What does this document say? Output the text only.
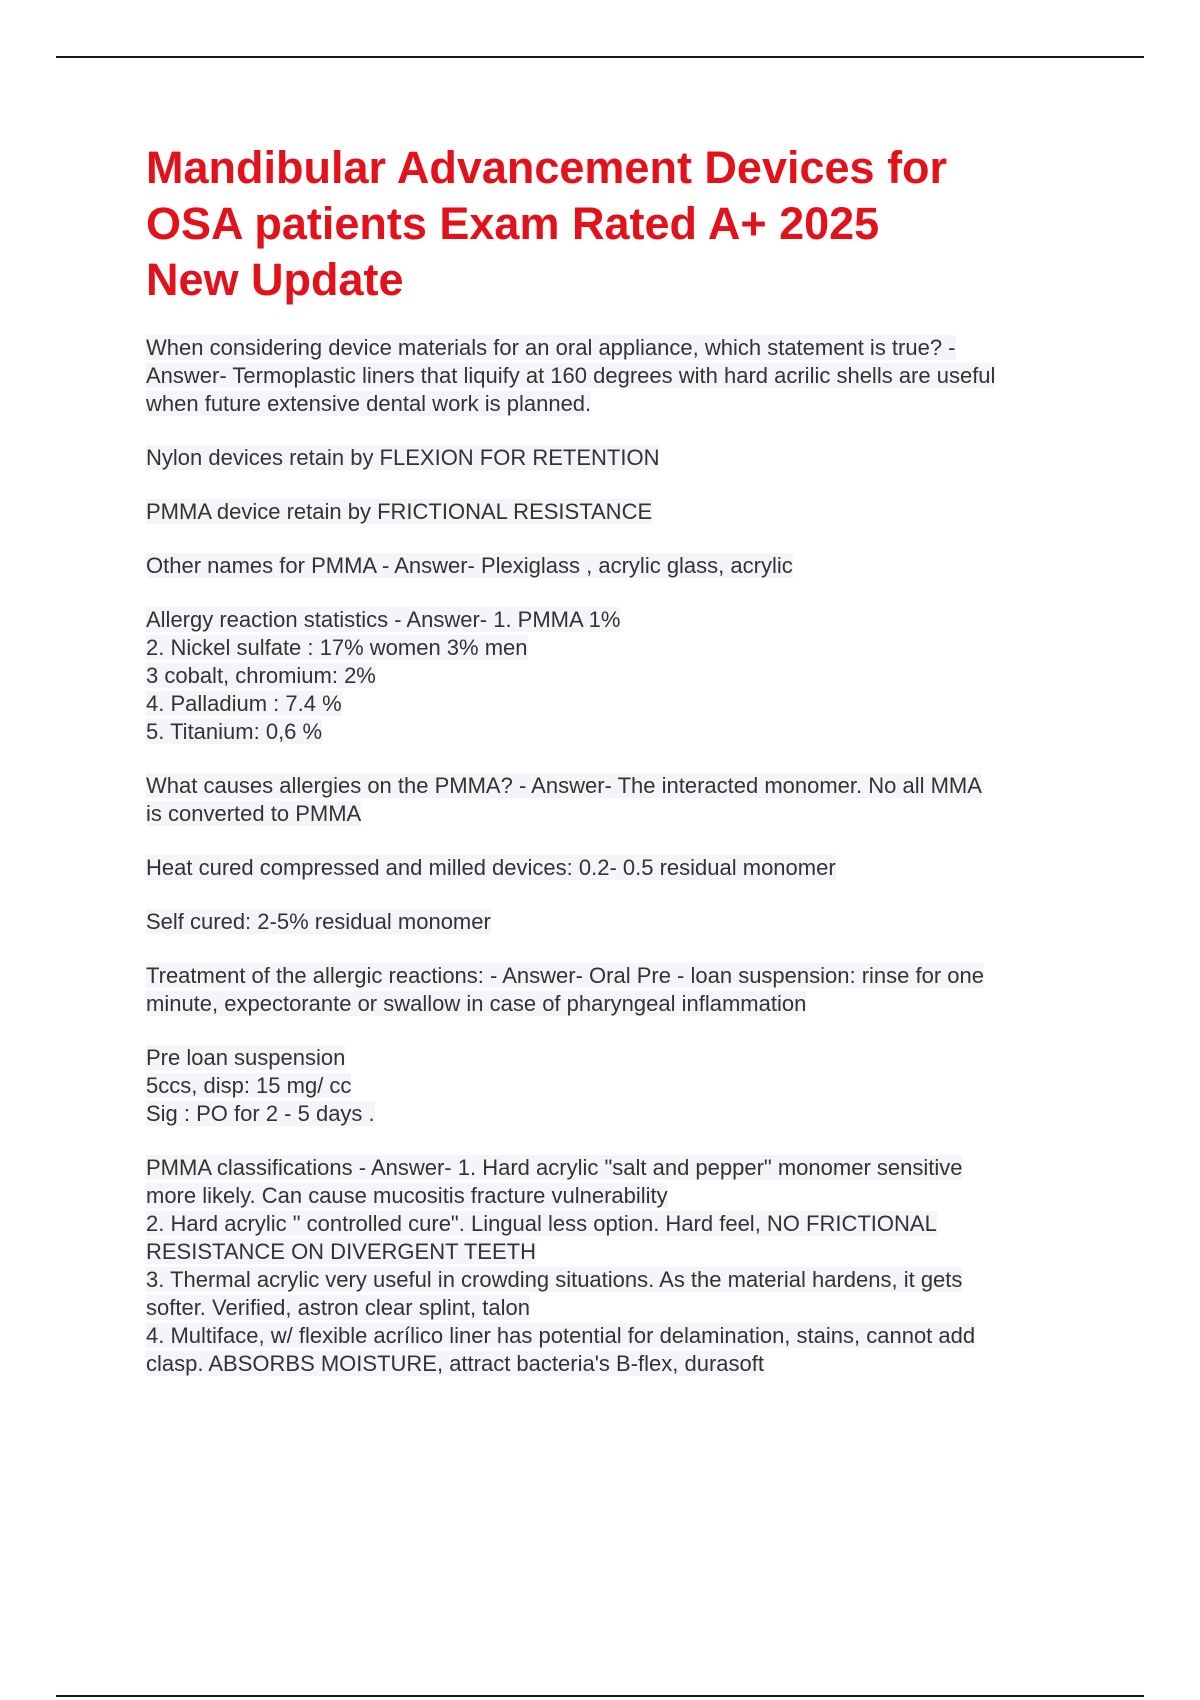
Mandibular Advancement Devices for
OSA patients Exam Rated A+ 2025
New Update
When considering device materials for an oral appliance, which statement is true? -
Answer- Termoplastic liners that liquify at 160 degrees with hard acrilic shells are useful
when future extensive dental work is planned.
Nylon devices retain by FLEXION FOR RETENTION
PMMA device retain by FRICTIONAL RESISTANCE
Other names for PMMA - Answer- Plexiglass , acrylic glass, acrylic
Allergy reaction statistics - Answer- 1. PMMA 1%
2. Nickel sulfate : 17% women 3% men
3 cobalt, chromium: 2%
4. Palladium : 7.4 %
5. Titanium: 0,6 %
What causes allergies on the PMMA? - Answer- The interacted monomer. No all MMA
is converted to PMMA
Heat cured compressed and milled devices: 0.2- 0.5 residual monomer
Self cured: 2-5% residual monomer
Treatment of the allergic reactions: - Answer- Oral Pre - loan suspension: rinse for one
minute, expectorante or swallow in case of pharyngeal inflammation
Pre loan suspension
5ccs, disp: 15 mg/ cc
Sig : PO for 2 - 5 days .
PMMA classifications - Answer- 1. Hard acrylic "salt and pepper" monomer sensitive
more likely. Can cause mucositis fracture vulnerability
2. Hard acrylic " controlled cure". Lingual less option. Hard feel, NO FRICTIONAL
RESISTANCE ON DIVERGENT TEETH
3. Thermal acrylic very useful in crowding situations. As the material hardens, it gets
softer. Verified, astron clear splint, talon
4. Multiface, w/ flexible acrílico liner has potential for delamination, stains, cannot add
clasp. ABSORBS MOISTURE, attract bacteria's B-flex, durasoft
